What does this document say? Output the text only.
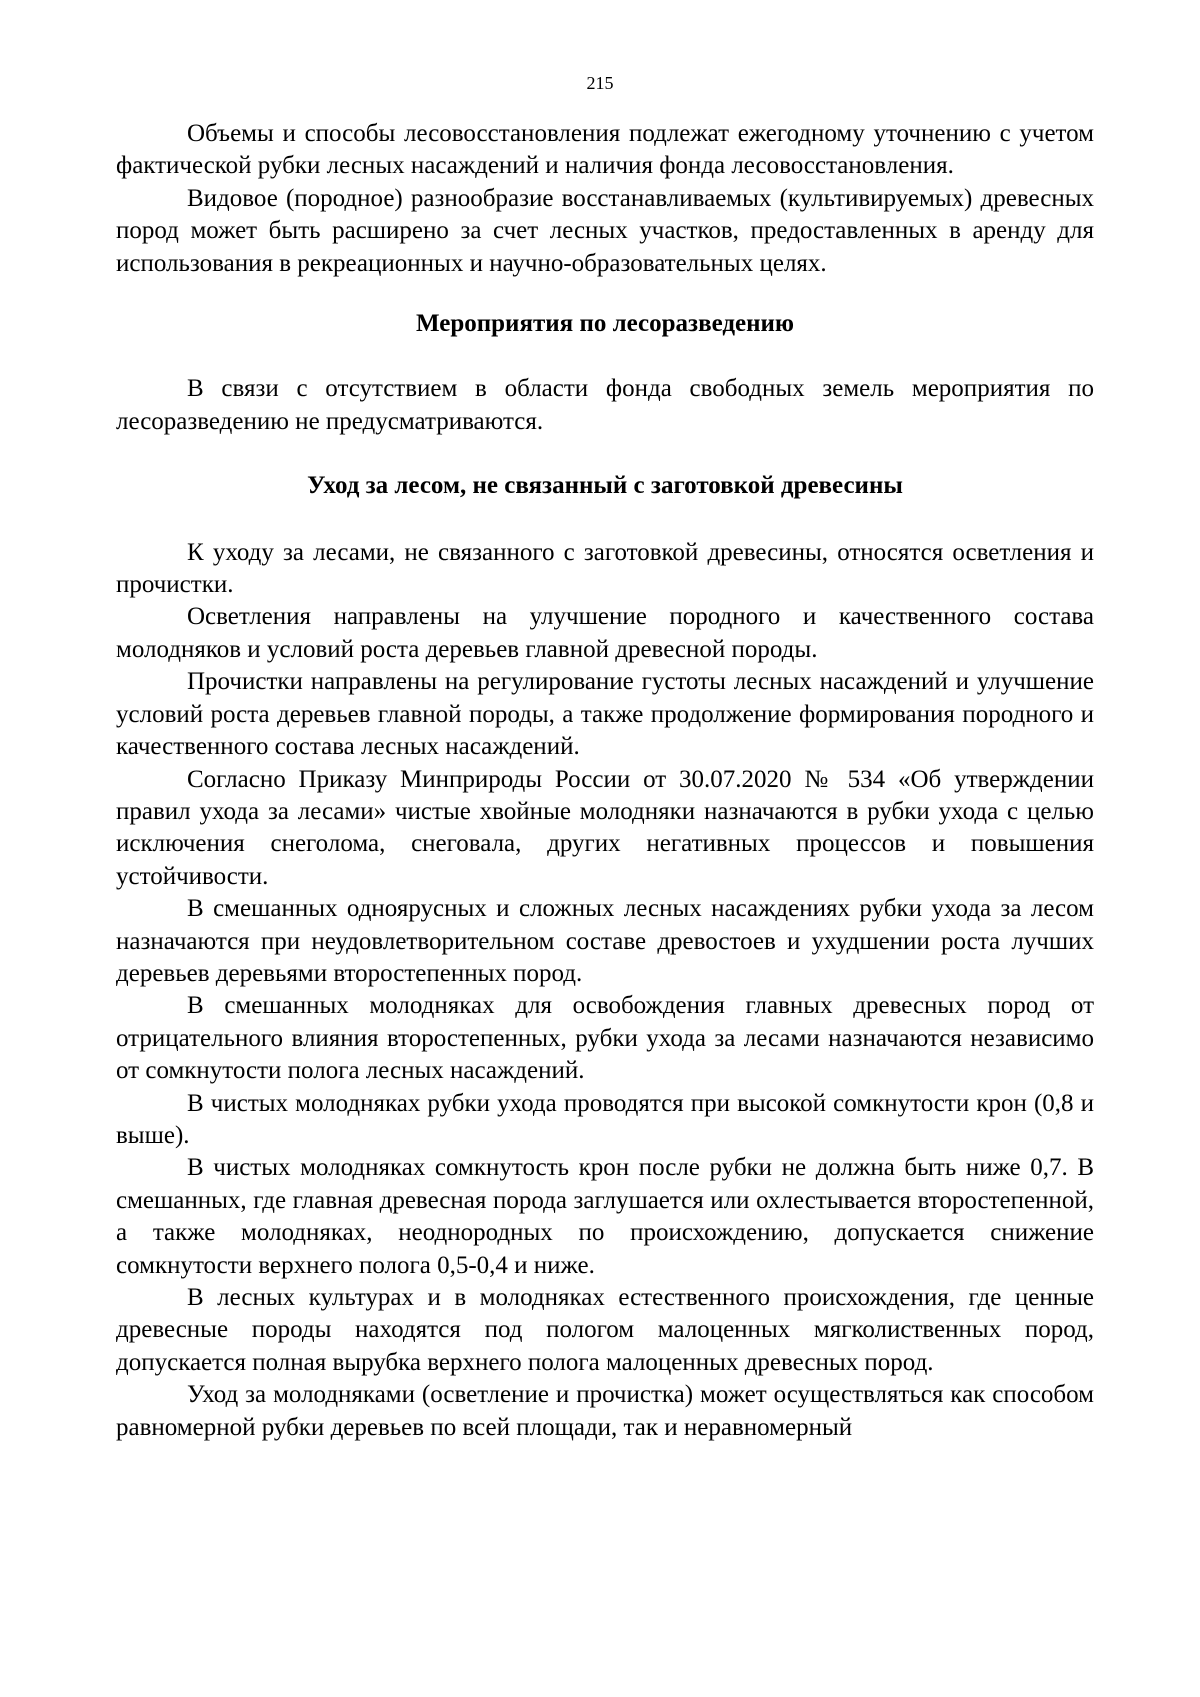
215

Объемы и способы лесовосстановления подлежат ежегодному уточнению с учетом фактической рубки лесных насаждений и наличия фонда лесовосстановления.

Видовое (породное) разнообразие восстанавливаемых (культивируемых) древесных пород может быть расширено за счет лесных участков, предоставленных в аренду для использования в рекреационных и научно-образовательных целях.

Мероприятия по лесоразведению

В связи с отсутствием в области фонда свободных земель мероприятия по лесоразведению не предусматриваются.

Уход за лесом, не связанный с заготовкой древесины

К уходу за лесами, не связанного с заготовкой древесины, относятся осветления и прочистки.

Осветления направлены на улучшение породного и качественного состава молодняков и условий роста деревьев главной древесной породы.

Прочистки направлены на регулирование густоты лесных насаждений и улучшение условий роста деревьев главной породы, а также продолжение формирования породного и качественного состава лесных насаждений.

Согласно Приказу Минприроды России от 30.07.2020 № 534 «Об утверждении правил ухода за лесами» чистые хвойные молодняки назначаются в рубки ухода с целью исключения снеголома, снеговала, других негативных процессов и повышения устойчивости.

В смешанных одноярусных и сложных лесных насаждениях рубки ухода за лесом назначаются при неудовлетворительном составе древостоев и ухудшении роста лучших деревьев деревьями второстепенных пород.

В смешанных молодняках для освобождения главных древесных пород от отрицательного влияния второстепенных, рубки ухода за лесами назначаются независимо от сомкнутости полога лесных насаждений.

В чистых молодняках рубки ухода проводятся при высокой сомкнутости крон (0,8 и выше).

В чистых молодняках сомкнутость крон после рубки не должна быть ниже 0,7. В смешанных, где главная древесная порода заглушается или охлестывается второстепенной, а также молодняках, неоднородных по происхождению, допускается снижение сомкнутости верхнего полога 0,5-0,4 и ниже.

В лесных культурах и в молодняках естественного происхождения, где ценные древесные породы находятся под пологом малоценных мягколиственных пород, допускается полная вырубка верхнего полога малоценных древесных пород.

Уход за молодняками (осветление и прочистка) может осуществляться как способом равномерной рубки деревьев по всей площади, так и неравномерный
